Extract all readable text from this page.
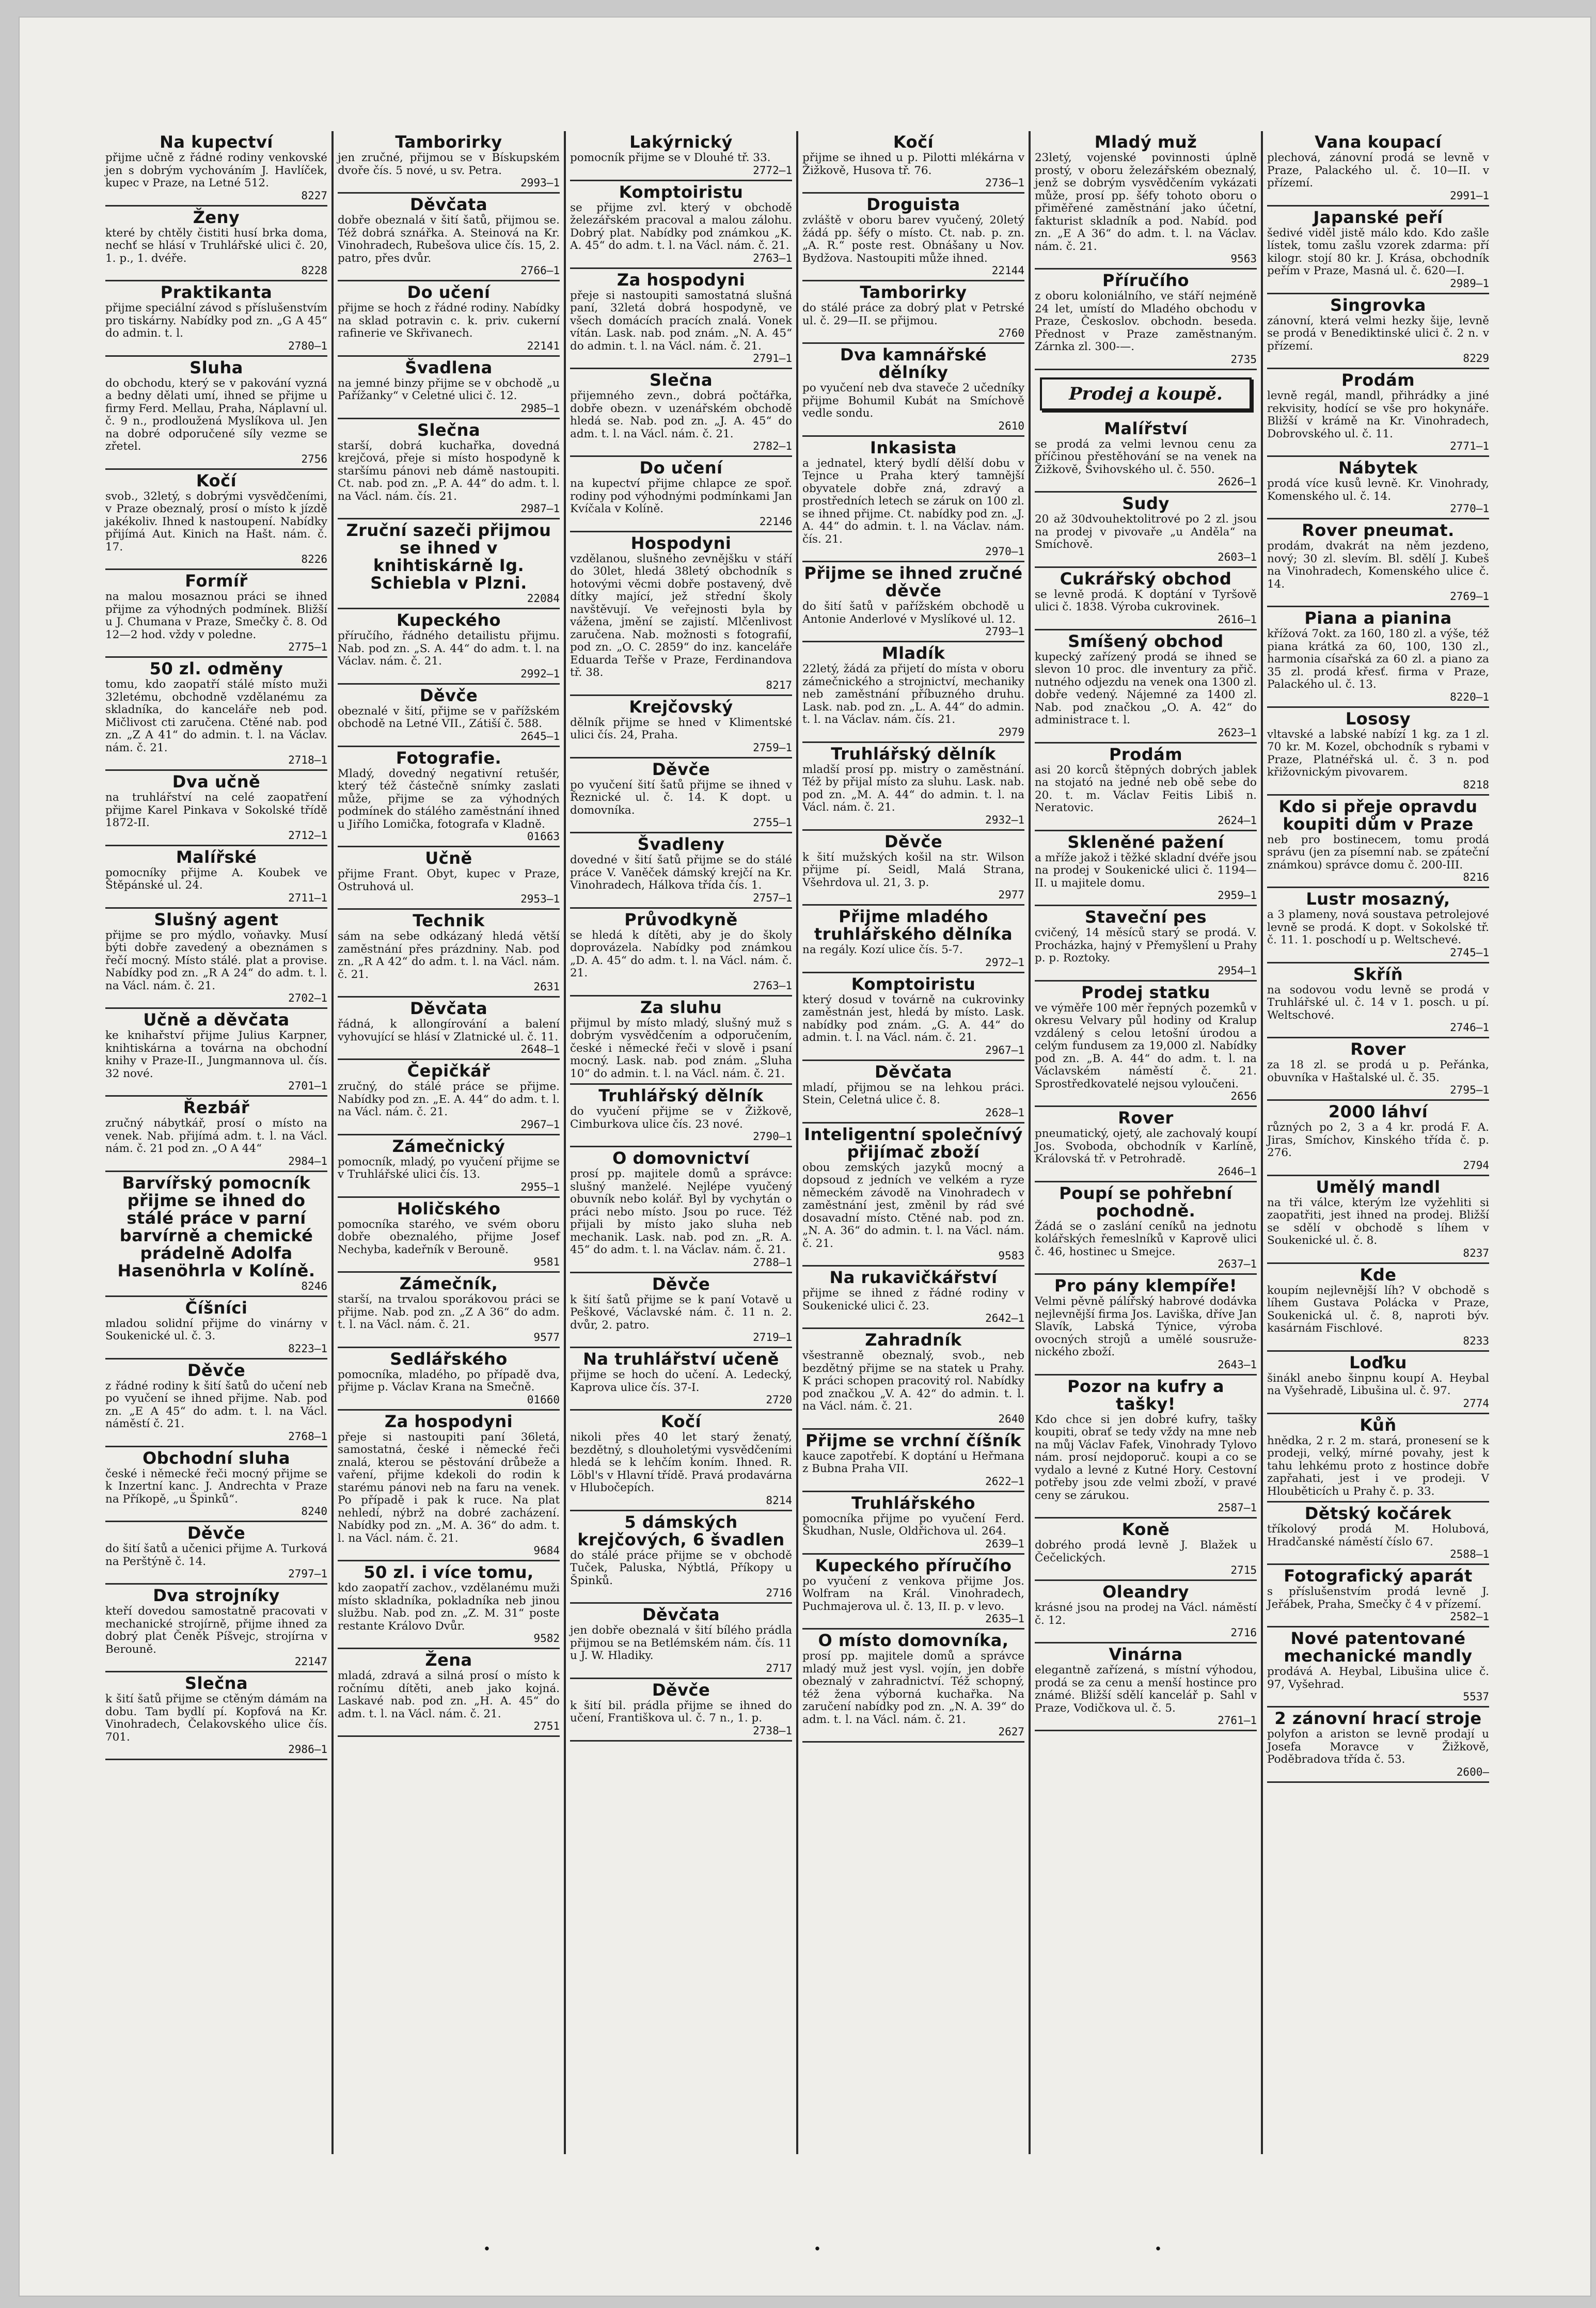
Na kupectví

přijme učně z řádné rodiny venkovské jen s dobrým vychováním J. Havlíček, kupec v Praze, na Letné 512.

8227
Ženy

které by chtěly čistiti husí brka doma, nechť se hlásí v Truhlářské ulici č. 20, 1. p., 1. dvéře.

8228
Praktikanta

přijme speciální závod s příslušenstvím pro tiskárny. Nabídky pod zn. „G A 45“ do admin. t. l.

2780—1
Sluha

do obchodu, který se v pakování vyzná a bedny dělati umí, ihned se přijme u firmy Ferd. Mellau, Praha, Náplavní ul. č. 9 n., prodloužená Myslíkova ul. Jen na dobré odporučené síly vezme se zřetel.

2756
Kočí

svob., 32letý, s dobrými vysvědčeními, v Praze obeznalý, prosí o místo k jízdě jakékoliv. Ihned k nastoupení. Nabídky přijímá Aut. Kinich na Hašt. nám. č. 17.

8226
Formíř

na malou mosaznou práci se ihned přijme za výhodných podmínek. Bližší u J. Chumana v Praze, Smečky č. 8. Od 12—2 hod. vždy v poledne.

2775—1
50 zl. odměny

tomu, kdo zaopatří stálé místo muži 32letému, obchodně vzdělanému za skladníka, do kanceláře neb pod. Mičlivost cti zaručena. Ctěné nab. pod zn. „Z A 41“ do admin. t. l. na Václav. nám. č. 21.

2718—1
Dva učně

na truhlářství na celé zaopatření přijme Karel Pinkava v Sokolské třídě 1872-II.

2712—1
Malířské

pomocníky přijme A. Koubek ve Štěpánské ul. 24.

2711—1
Slušný agent

přijme se pro mýdlo, voňavky. Musí býti dobře zavedený a obeznámen s řečí mocný. Místo stálé. plat a provise. Nabídky pod zn. „R A 24“ do adm. t. l. na Václ. nám. č. 21.

2702—1
Učně a děvčata

ke knihařství přijme Julius Karpner, knihtiskárna a továrna na obchodní knihy v Praze-II., Jungmannova ul. čís. 32 nové.

2701—1
Řezbář

zručný nábytkář, prosí o místo na venek. Nab. přijímá adm. t. l. na Václ. nám. č. 21 pod zn. „O A 44“

2984—1
Barvířský pomocník přijme se ihned do stálé práce v parní barvírně a chemické prádelně Adolfa Hasenöhrla v Kolíně.
8246
Číšníci

mladou solidní přijme do vinárny v Soukenické ul. č. 3.

8223—1
Děvče

z řádné rodiny k šití šatů do učení neb po vyučení se ihned přijme. Nab. pod zn. „E A 45“ do adm. t. l. na Václ. náměstí č. 21.

2768—1
Obchodní sluha

české i německé řeči mocný přijme se k Inzertní kanc. J. Andrechta v Praze na Příkopě, „u Špinků“.

8240
Děvče

do šití šatů a učenici přijme A. Turková na Perštýně č. 14.

2797—1
Dva strojníky

kteří dovedou samostatně pracovati v mechanické strojírně, přijme ihned za dobrý plat Čeněk Píšvejc, strojírna v Berouně.

22147
Slečna

k šití šatů přijme se ctěným dámám na dobu. Tam bydlí pí. Kopfová na Kr. Vinohradech, Čelakovského ulice čís. 701.

2986—1
Tamborirky

jen zručné, přijmou se v Bískupském dvoře čís. 5 nové, u sv. Petra.

2993—1
Děvčata

dobře obeznalá v šití šatů, přijmou se. Též dobrá sznářka. A. Steinová na Kr. Vinohradech, Rubešova ulice čís. 15, 2. patro, přes dvůr.

2766—1
Do učení

přijme se hoch z řádné rodiny. Nabídky na sklad potravin c. k. priv. cukerní rafinerie ve Skřivanech.

22141
Švadlena

na jemné binzy přijme se v obchodě „u Pařížanky“ v Celetné ulici č. 12.

2985—1
Slečna

starší, dobrá kuchařka, dovedná krejčová, přeje si místo hospodyně k staršímu pánovi neb dámě nastoupiti. Ct. nab. pod zn. „P. A. 44“ do adm. t. l. na Václ. nám. čís. 21.

2987—1
Zruční sazeči přijmou se ihned v knihtiskárně Ig. Schiebla v Plzni.
22084
Kupeckého

příručího, řádného detailistu přijmu. Nab. pod zn. „S. A. 44“ do adm. t. l. na Václav. nám. č. 21.

2992—1
Děvče

obeznalé v šití, přijme se v pařížském obchodě na Letné VII., Zátiší č. 588.

2645—1
Fotografie.

Mladý, dovedný negativní retušér, který též částečně snímky zaslati může, přijme se za výhodných podmínek do stálého zaměstnání ihned u Jiřího Lomička, fotografa v Kladně.

01663
Učně

přijme Frant. Obyt, kupec v Praze, Ostruhová ul.

2953—1
Technik

sám na sebe odkázaný hledá větší zaměstnání přes prázdniny. Nab. pod zn. „R A 42“ do adm. t. l. na Václ. nám. č. 21.

2631
Děvčata

řádná, k allongírování a balení vyhovující se hlásí v Zlatnické ul. č. 11.

2648—1
Čepičkář

zručný, do stálé práce se přijme. Nabídky pod zn. „E. A. 44“ do adm. t. l. na Václ. nám. č. 21.

2967—1
Zámečnický

pomocník, mladý, po vyučení přijme se v Truhlářské ulici čís. 13.

2955—1
Holičského

pomocníka starého, ve svém oboru dobře obeznalého, přijme Josef Nechyba, kadeřník v Berouně.

9581
Zámečník,

starší, na trvalou sporákovou práci se přijme. Nab. pod zn. „Z A 36“ do adm. t. l. na Václ. nám. č. 21.

9577
Sedlářského

pomocníka, mladého, po případě dva, přijme p. Václav Krana na Smečně.

01660
Za hospodyni

přeje si nastoupiti paní 36letá, samostatná, české i německé řeči znalá, kterou se pěstování drůbeže a vaření, přijme kdekoli do rodin k starému pánovi neb na faru na venek. Po případě i pak k ruce. Na plat nehledí, nýbrž na dobré zacházení. Nabídky pod zn. „M. A. 36“ do adm. t. l. na Václ. nám. č. 21.

9684
50 zl. i více tomu,

kdo zaopatří zachov., vzdělanému muži místo skladníka, pokladníka neb jinou službu. Nab. pod zn. „Z. M. 31“ poste restante Královo Dvůr.

9582
Žena

mladá, zdravá a silná prosí o místo k ročnímu dítěti, aneb jako kojná. Laskavé nab. pod zn. „H. A. 45“ do adm. t. l. na Václ. nám. č. 21.

2751
Lakýrnický

pomocník přijme se v Dlouhé tř. 33.

2772—1
Komptoiristu

se přijme zvl. který v obchodě železářském pracoval a malou zálohu. Dobrý plat. Nabídky pod známkou „K. A. 45“ do adm. t. l. na Václ. nám. č. 21.

2763—1
Za hospodyni

přeje si nastoupiti samostatná slušná paní, 32letá dobrá hospodyně, ve všech domácích pracích znalá. Vonek vítán. Lask. nab. pod znám. „N. A. 45“ do admin. t. l. na Václ. nám. č. 21.

2791—1
Slečna

přijemného zevn., dobrá počtářka, dobře obezn. v uzenářském obchodě hledá se. Nab. pod zn. „J. A. 45“ do adm. t. l. na Václ. nám. č. 21.

2782—1
Do učení

na kupectví přijme chlapce ze spoř. rodiny pod výhodnými podmínkami Jan Kvíčala v Kolíně.

22146
Hospodyni

vzdělanou, slušného zevnějšku v stáří do 30let, hledá 38letý obchodník s hotovými věcmi dobře postavený, dvě dítky mající, jež střední školy navštěvují. Ve veřejnosti byla by vážena, jmění se zajistí. Mlčenlivost zaručena. Nab. možnosti s fotografií, pod zn. „O. C. 2859“ do inz. kanceláře Eduarda Teřše v Praze, Ferdinandova tř. 38.

8217
Krejčovský

dělník přijme se hned v Klimentské ulici čís. 24, Praha.

2759—1
Děvče

po vyučení šití šatů přijme se ihned v Řeznické ul. č. 14. K dopt. u domovníka.

2755—1
Švadleny

dovedné v šití šatů přijme se do stálé práce V. Vaněček dámský krejčí na Kr. Vinohradech, Hálkova třída čís. 1.

2757—1
Průvodkyně

se hledá k dítěti, aby je do školy doprovázela. Nabídky pod známkou „D. A. 45“ do adm. t. l. na Václ. nám. č. 21.

2763—1
Za sluhu

přijmul by místo mladý, slušný muž s dobrým vysvědčením a odporučením, české i německé řeči v slově i psaní mocný. Lask. nab. pod znám. „Sluha 10“ do admin. t. l. na Václ. nám. č. 21.

Truhlářský dělník

do vyučení přijme se v Žižkově, Cimburkova ulice čís. 23 nové.

2790—1
O domovnictví

prosí pp. majitele domů a správce: slušný manželé. Nejlépe vyučený obuvník nebo kolář. Byl by vychytán o práci nebo místo. Jsou po ruce. Též přijali by místo jako sluha neb mechanik. Lask. nab. pod zn. „R. A. 45“ do adm. t. l. na Václav. nám. č. 21.

2788—1
Děvče

k šití šatů přijme se k paní Votavě u Peškové, Václavské nám. č. 11 n. 2. dvůr, 2. patro.

2719—1
Na truhlářství učeně

přijme se hoch do učení. A. Ledecký, Kaprova ulice čís. 37-I.

2720
Kočí

nikoli přes 40 let starý ženatý, bezdětný, s dlouholetými vysvědčeními hledá se k lehčím koním. Ihned. R. Löbl's v Hlavní třídě. Pravá prodavárna v Hlubočepích.

8214
5 dámských krejčových, 6 švadlen

do stálé práce přijme se v obchodě Tuček, Paluska, Nýbtlá, Příkopy u Špinků.

2716
Děvčata

jen dobře obeznalá v šití bílého prádla přijmou se na Betlémském nám. čís. 11 u J. W. Hladiky.

2717
Děvče

k šití bil. prádla přijme se ihned do učení, Františkova ul. č. 7 n., 1. p.

2738—1
Kočí

přijme se ihned u p. Pilotti mlékárna v Žižkově, Husova tř. 76.

2736—1
Droguista

zvláště v oboru barev vyučený, 20letý žádá pp. šéfy o místo. Ct. nab. p. zn. „A. R.“ poste rest. Obnášany u Nov. Bydžova. Nastoupiti může ihned.

22144
Tamborirky

do stálé práce za dobrý plat v Petrské ul. č. 29—II. se přijmou.

2760
Dva kamnářské dělníky

po vyučení neb dva staveče 2 učedníky přijme Bohumil Kubát na Smíchově vedle sondu.

2610
Inkasista

a jednatel, který bydlí dělší dobu v Tejnce u Praha který tamnější obyvatele dobře zná, zdravý a prostředních letech se záruk on 100 zl. se ihned přijme. Ct. nabídky pod zn. „J. A. 44“ do admin. t. l. na Václav. nám. čís. 21.

2970—1
Přijme se ihned zručné děvče

do šití šatů v pařížském obchodě u Antonie Anderlové v Myslíkové ul. 12.

2793—1
Mladík

22letý, žádá za přijetí do místa v oboru zámečnického a strojnictví, mechaniky neb zaměstnání příbuzného druhu. Lask. nab. pod zn. „L. A. 44“ do admin. t. l. na Václav. nám. čís. 21.

2979
Truhlářský dělník

mladší prosí pp. mistry o zaměstnání. Též by přijal místo za sluhu. Lask. nab. pod zn. „M. A. 44“ do admin. t. l. na Václ. nám. č. 21.

2932—1
Děvče

k šití mužských košil na str. Wilson přijme pí. Seidl, Malá Strana, Všehrdova ul. 21, 3. p.

2977
Přijme mladého truhlářského dělníka

na regály. Kozí ulice čís. 5-7.

2972—1
Komptoiristu

který dosud v továrně na cukrovinky zaměstnán jest, hledá by místo. Lask. nabídky pod znám. „G. A. 44“ do admin. t. l. na Václ. nám. č. 21.

2967—1
Děvčata

mladí, přijmou se na lehkou práci. Stein, Celetná ulice č. 8.

2628—1
Inteligentní společnívý přijímač zboží

obou zemských jazyků mocný a dopsoud z jedních ve velkém a ryze německém závodě na Vinohradech v zaměstnání jest, změnil by rád své dosavadní místo. Ctěné nab. pod zn. „N. A. 36“ do admin. t. l. na Václ. nám. č. 21.

9583
Na rukavičkářství

přijme se ihned z řádné rodiny v Soukenické ulici č. 23.

2642—1
Zahradník

všestranně obeznalý, svob., neb bezdětný přijme se na statek u Prahy. K práci schopen pracovitý rol. Nabídky pod značkou „V. A. 42“ do admin. t. l. na Václ. nám. č. 21.

2640
Přijme se vrchní číšník

kauce zapotřebí. K doptání u Heřmana z Bubna Praha VII.

2622—1
Truhlářského

pomocníka přijme po vyučení Ferd. Škudhan, Nusle, Oldřichova ul. 264.

2639—1
Kupeckého příručího

po vyučení z venkova přijme Jos. Wolfram na Král. Vinohradech, Puchmajerova ul. č. 13, II. p. v levo.

2635—1
O místo domovníka,

prosí pp. majitele domů a správce mladý muž jest vysl. vojín, jen dobře obeznalý v zahradnictví. Též schopný, též žena výborná kuchařka. Na zaručení nabídky pod zn. „N. A. 39“ do adm. t. l. na Václ. nám. č. 21.

2627
Mladý muž

23letý, vojenské povinnosti úplně prostý, v oboru železářském obeznalý, jenž se dobrým vysvědčením vykázati může, prosí pp. šéfy tohoto oboru o přiměřené zaměstnání jako účetní, fakturist skladník a pod. Nabíd. pod zn. „E A 36“ do adm. t. l. na Václav. nám. č. 21.

9563
Příručího

z oboru koloniálního, ve stáří nejméně 24 let, umístí do Mladého obchodu v Praze, Českoslov. obchodn. beseda. Přednost v Praze zaměstnaným. Zárnka zl. 300-—.

2735
Prodej a koupě.
Malířství

se prodá za velmi levnou cenu za příčinou přestěhování se na venek na Žižkově, Švihovského ul. č. 550.

2626—1
Sudy

20 až 30dvouhektolitrové po 2 zl. jsou na prodej v pivovaře „u Anděla“ na Smíchově.

2603—1
Cukrářský obchod

se levně prodá. K doptání v Tyršově ulici č. 1838. Výroba cukrovinek.

2616—1
Smíšený obchod

kupecký zařízený prodá se ihned se slevon 10 proc. dle inventury za přič. nutného odjezdu na venek ona 1300 zl. dobře vedený. Nájemné za 1400 zl. Nab. pod značkou „O. A. 42“ do administrace t. l.

2623—1
Prodám

asi 20 korců štěpných dobrých jablek na stojató na jedné neb obě sebe do 20. t. m. Václav Feitis Libiš n. Neratovic.

2624—1
Skleněné pažení

a mříže jakož i těžké skladní dvéře jsou na prodej v Soukenické ulici č. 1194—II. u majitele domu.

2959—1
Staveční pes

cvičený, 14 měsíců starý se prodá. V. Procházka, hajný v Přemyšlení u Prahy p. p. Roztoky.

2954—1
Prodej statku

ve výměře 100 měr řepných pozemků v okresu Velvary půl hodiny od Kralup vzdálený s celou letošní úrodou a celým fundusem za 19,000 zl. Nabídky pod zn. „B. A. 44“ do adm. t. l. na Václavském náměstí č. 21. Sprostředkovatelé nejsou vyloučeni.

2656
Rover

pneumatický, ojetý, ale zachovalý koupí Jos. Svoboda, obchodník v Karlíně, Královská tř. v Petrohradě.

2646—1
Poupí se pohřební pochodně.

Žádá se o zaslání ceníků na jednotu kolářských řemeslníků v Kaprově ulici č. 46, hostinec u Smejce.

2637—1
Pro pány klempíře!

Velmi pěvně pálířský habrové dodávka nejlevnější firma Jos. Laviška, dříve Jan Slavík, Labská Týnice, výroba ovocných strojů a umělé sousruže-nického zboží.

2643—1
Pozor na kufry a tašky!

Kdo chce si jen dobré kufry, tašky koupiti, obrať se tedy vždy na mne neb na můj Václav Fafek, Vinohrady Tylovo nám. prosí nejdoporuč. koupi a co se vydalo a levné z Kutné Hory. Cestovní potřeby jsou zde velmi zboží, v pravé ceny se zárukou.

2587—1
Koně

dobrého prodá levně J. Blažek u Čečelických.

2715
Oleandry

krásné jsou na prodej na Václ. náměstí č. 12.

2716
Vinárna

elegantně zařízená, s místní výhodou, prodá se za cenu a menší hostince pro známé. Bližší sdělí kancelář p. Sahl v Praze, Vodičkova ul. č. 5.

2761—1
Vana koupací

plechová, zánovní prodá se levně v Praze, Palackého ul. č. 10—II. v přízemí.

2991—1
Japanské peří

šedivé viděl jistě málo kdo. Kdo zašle lístek, tomu zašlu vzorek zdarma: pří kilogr. stojí 80 kr. J. Krása, obchodník peřím v Praze, Masná ul. č. 620—I.

2989—1
Singrovka

zánovní, která velmi hezky šije, levně se prodá v Benediktinské ulici č. 2 n. v přízemí.

8229
Prodám

levně regál, mandl, přihrádky a jiné rekvisity, hodící se vše pro hokynáře. Bližší v krámě na Kr. Vinohradech, Dobrovského ul. č. 11.

2771—1
Nábytek

prodá více kusů levně. Kr. Vinohrady, Komenského ul. č. 14.

2770—1
Rover pneumat.

prodám, dvakrát na něm jezdeno, nový; 30 zl. slevím. Bl. sdělí J. Kubeš na Vinohradech, Komenského ulice č. 14.

2769—1
Piana a pianina

křížová 7okt. za 160, 180 zl. a výše, též piana krátká za 60, 100, 130 zl., harmonia císařská za 60 zl. a piano za 35 zl. prodá křesť. firma v Praze, Palackého ul. č. 13.

8220—1
Lososy

vltavské a labské nabízí 1 kg. za 1 zl. 70 kr. M. Kozel, obchodník s rybami v Praze, Platnéřská ul. č. 3 n. pod křižovnickým pivovarem.

8218
Kdo si přeje opravdu koupiti dům v Praze

neb pro bostinecem, tomu prodá správu (jen za písemní nab. se zpáteční známkou) správce domu č. 200-III.

8216
Lustr mosazný,

a 3 plameny, nová soustava petrolejové levně se prodá. K dopt. v Sokolské tř. č. 11. 1. poschodí u p. Weltschevé.

2745—1
Skříň

na sodovou vodu levně se prodá v Truhlářské ul. č. 14 v 1. posch. u pí. Weltschové.

2746—1
Rover

za 18 zl. se prodá u p. Peřánka, obuvníka v Haštalské ul. č. 35.

2795—1
2000 láhví

různých po 2, 3 a 4 kr. prodá F. A. Jiras, Smíchov, Kinského třída č. p. 276.

2794
Umělý mandl

na tři válce, kterým lze vyžehliti si zaopatřiti, jest ihned na prodej. Bližší se sdělí v obchodě s líhem v Soukenické ul. č. 8.

8237
Kde

koupím nejlevnější líh? V obchodě s líhem Gustava Polácka v Praze, Soukenická ul. č. 8, naproti býv. kasárnám Fischlové.

8233
Loďku

šinákl anebo šinpnu koupí A. Heybal na Vyšehradě, Libušina ul. č. 97.

2774
Kůň

hnědka, 2 r. 2 m. stará, pronesení se k prodeji, velký, mírné povahy, jest k tahu lehkému proto z hostince dobře zapřahati, jest i ve prodeji. V Hlouběticích u Prahy č. p. 33.

Dětský kočárek

tříkolový prodá M. Holubová, Hradčanské náměstí číslo 67.

2588—1
Fotografický aparát

s příslušenstvím prodá levně J. Jeřábek, Praha, Smečky č 4 v přízemí.

2582—1
Nové patentované mechanické mandly

prodává A. Heybal, Libušina ulice č. 97, Vyšehrad.

5537
2 zánovní hrací stroje

polyfon a ariston se levně prodají u Josefa Moravce v Žižkově, Poděbradova třída č. 53.

2600—
·	·	·
